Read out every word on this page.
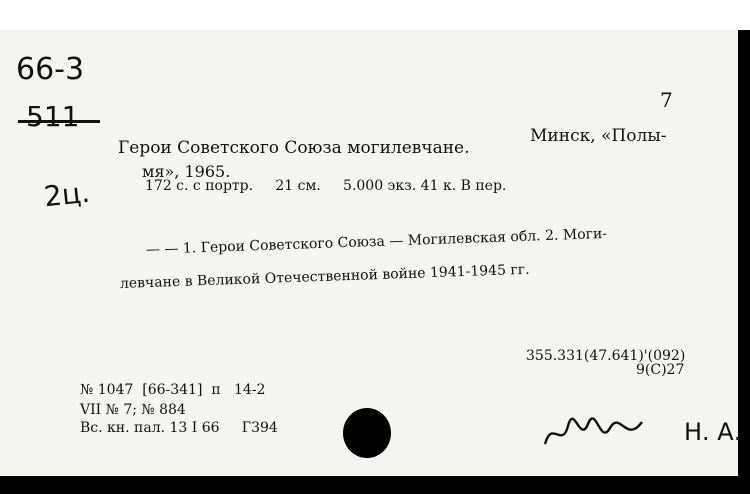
66-3
511	7
2ц.
Герои Советского Союза могилевчане.
Минск, «Полы-
мя», 1965.
172 с. с портр.     21 см.     5.000 экз. 41 к. В пер.
— — 1. Герои Советского Союза — Могилевская обл. 2. Моги-
левчане в Великой Отечественной войне 1941-1945 гг.
355.331(47.641)'(092)
9(С)27
№ 1047  [66-341]  п   14-2
VII № 7; № 884
Вс. кн. пал. 13 I 66     Г394	Н. А.
